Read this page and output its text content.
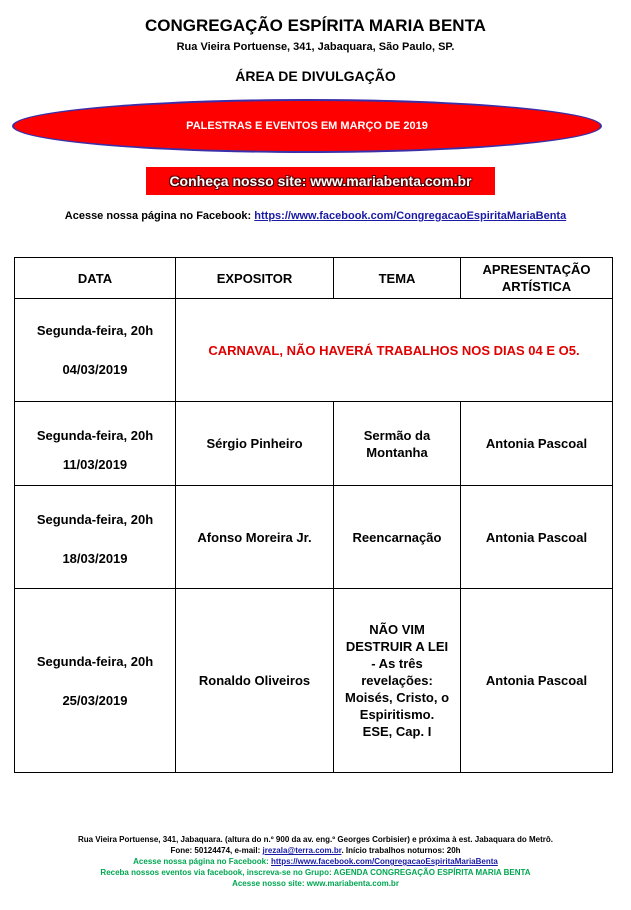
CONGREGAÇÃO ESPÍRITA MARIA BENTA
Rua Vieira Portuense, 341, Jabaquara, São Paulo, SP.
ÁREA DE DIVULGAÇÃO
PALESTRAS E EVENTOS EM MARÇO DE 2019
Conheça nosso site: www.mariabenta.com.br
Acesse nossa página no Facebook: https://www.facebook.com/CongregacaoEspiritaMariaBenta
DATA	EXPOSITOR	TEMA	APRESENTAÇÃO ARTÍSTICA

Segunda-feira, 20h
04/03/2019	CARNAVAL, NÃO HAVERÁ TRABALHOS NOS DIAS 04 E O5.		

Segunda-feira, 20h
11/03/2019	Sérgio Pinheiro	Sermão da Montanha	Antonia Pascoal

Segunda-feira, 20h
18/03/2019	Afonso Moreira Jr.	Reencarnação	Antonia Pascoal

Segunda-feira, 20h
25/03/2019	Ronaldo Oliveiros	NÃO VIM DESTRUIR A LEI - As três revelações: Moisés, Cristo, o Espiritismo. ESE, Cap. I	Antonia Pascoal
Rua Vieira Portuense, 341, Jabaquara. (altura do n.º 900 da av. eng.º Georges Corbisier) e próxima à est. Jabaquara do Metrô.
Fone: 50124474, e-mail: jrezala@terra.com.br. Início trabalhos noturnos: 20h
Acesse nossa página no Facebook: https://www.facebook.com/CongregacaoEspiritaMariaBenta
Receba nossos eventos via facebook, inscreva-se no Grupo: AGENDA CONGREGAÇÃO ESPÍRITA MARIA BENTA
Acesse nosso site: www.mariabenta.com.br
